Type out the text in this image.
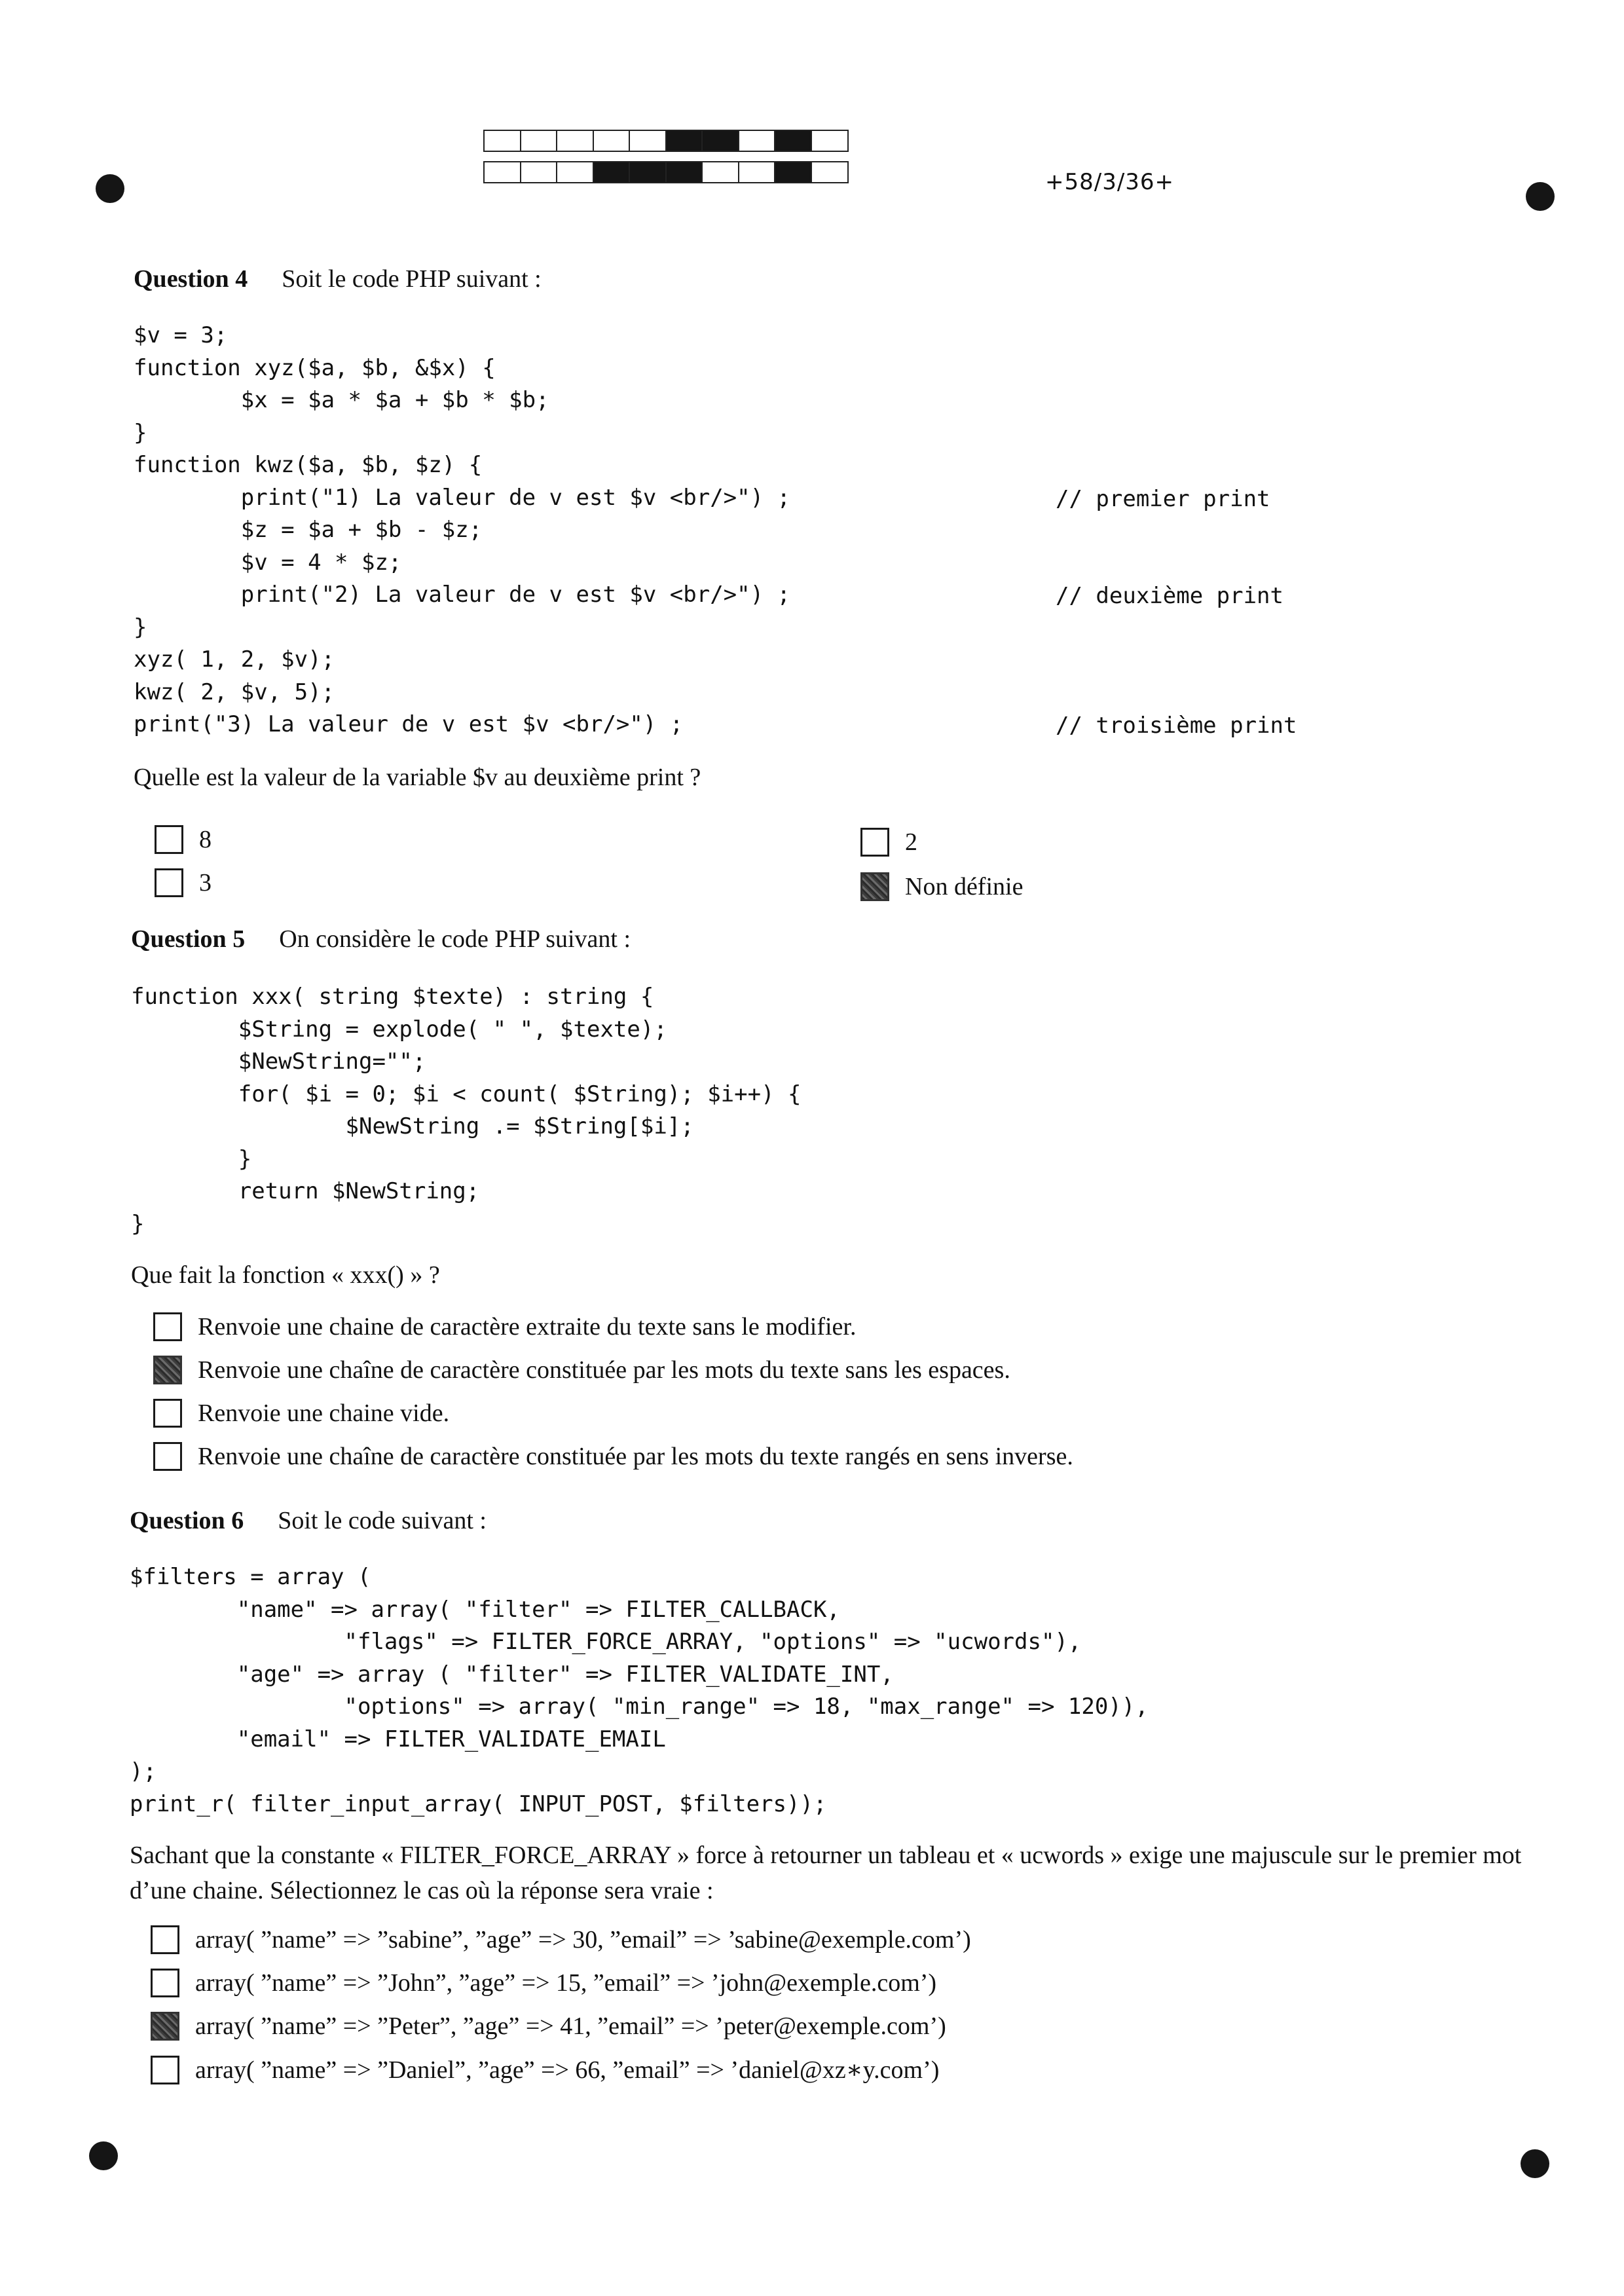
+58/3/36+
Question 4 Soit le code PHP suivant :
$v = 3;
function xyz($a, $b, &$x) {
$x = $a * $a + $b * $b;
}
function kwz($a, $b, $z) {
print("1) La valeur de v est $v <br/>") ;
$z = $a + $b - $z;
$v = 4 * $z;
print("2) La valeur de v est $v <br/>") ;
}
xyz( 1, 2, $v);
kwz( 2, $v, 5);
print("3) La valeur de v est $v <br/>") ;
// premier print
// deuxième print
// troisième print
Quelle est la valeur de la variable $v au deuxième print ?
8
3
2
Non définie
Question 5 On considère le code PHP suivant :
function xxx( string $texte) : string {
$String = explode( " ", $texte);
$NewString="";
for( $i = 0; $i < count( $String); $i++) {
$NewString .= $String[$i];
}
return $NewString;
}
Que fait la fonction « xxx() » ?
Renvoie une chaine de caractère extraite du texte sans le modifier.
Renvoie une chaîne de caractère constituée par les mots du texte sans les espaces.
Renvoie une chaine vide.
Renvoie une chaîne de caractère constituée par les mots du texte rangés en sens inverse.
Question 6 Soit le code suivant :
$filters = array (
"name" => array( "filter" => FILTER_CALLBACK,
"flags" => FILTER_FORCE_ARRAY, "options" => "ucwords"),
"age" => array ( "filter" => FILTER_VALIDATE_INT,
"options" => array( "min_range" => 18, "max_range" => 120)),
"email" => FILTER_VALIDATE_EMAIL
);
print_r( filter_input_array( INPUT_POST, $filters));
Sachant que la constante « FILTER_FORCE_ARRAY » force à retourner un tableau et « ucwords » exige une majuscule sur le premier mot d’une chaine. Sélectionnez le cas où la réponse sera vraie :
array( ”name” => ”sabine”, ”age” => 30, ”email” => ’sabine@exemple.com’)
array( ”name” => ”John”, ”age” => 15, ”email” => ’john@exemple.com’)
array( ”name” => ”Peter”, ”age” => 41, ”email” => ’peter@exemple.com’)
array( ”name” => ”Daniel”, ”age” => 66, ”email” => ’daniel@xz∗y.com’)
